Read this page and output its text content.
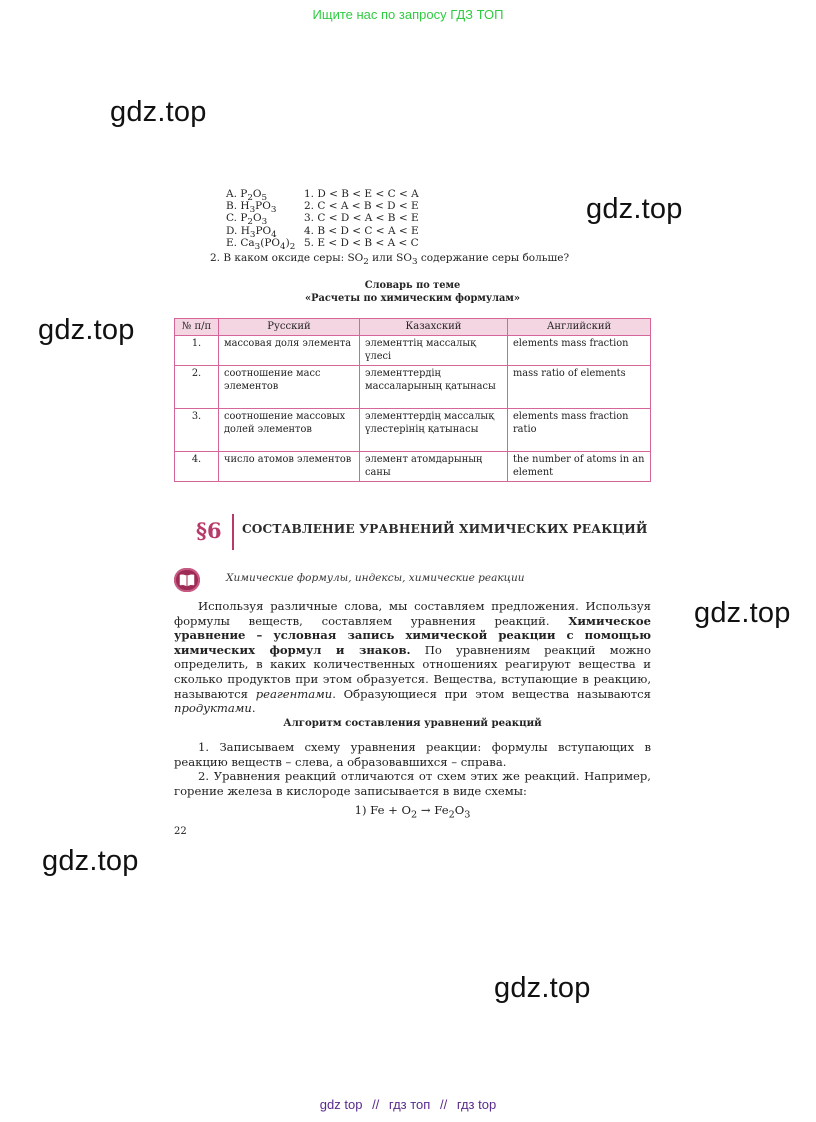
Ищите нас по запросу ГДЗ ТОП
gdz.top
gdz.top
gdz.top
gdz.top
gdz.top
gdz.top
A. $P_2O_5$	1. D < B < E < C < A
B. $H_3PO_3$	2. C < A < B < D < E
C. $P_2O_3$	3. C < D < A < B < E
D. $H_3PO_4$	4. B < D < C < A < E
E. $Ca_3(PO_4)_2$ 5. E < D < B < A < C
2. В каком оксиде серы: $SO_2$ или $SO_3$ содержание серы больше?
Словарь по теме
«Расчеты по химическим формулам»
№ п/п	Русский	Казахский	Английский
1.	массовая доля элемента	элементтің массалық үлесі	elements mass fraction
2.	соотношение масс элементов	элементтердің массаларының қатынасы	mass ratio of elements
3.	соотношение массовых долей элементов	элементтердің массалық үлестерінің қатынасы	elements mass fraction ratio
4.	число атомов элементов	элемент атомдарының саны	the number of atoms in an element
§6 СОСТАВЛЕНИЕ УРАВНЕНИЙ ХИМИЧЕСКИХ РЕАКЦИЙ
Химические формулы, индексы, химические реакции

Используя различные слова, мы составляем предложения. Используя формулы веществ, составляем уравнения реакций. Химическое уравнение – условная запись химической реакции с помощью химических формул и знаков. По уравнениям реакций можно определить, в каких количественных отношениях реагируют вещества и сколько продуктов при этом образуется. Вещества, вступающие в реакцию, называются реагентами. Образующиеся при этом вещества называются продуктами.

Алгоритм составления уравнений реакций

1. Записываем схему уравнения реакции: формулы вступающих в реакцию веществ – слева, а образовавшихся – справа.

2. Уравнения реакций отличаются от схем этих же реакций. Например, горение железа в кислороде записывается в виде схемы:

1) $Fe + O_2 \to Fe_2O_3$
22
gdz top // гдз топ // гдз top
